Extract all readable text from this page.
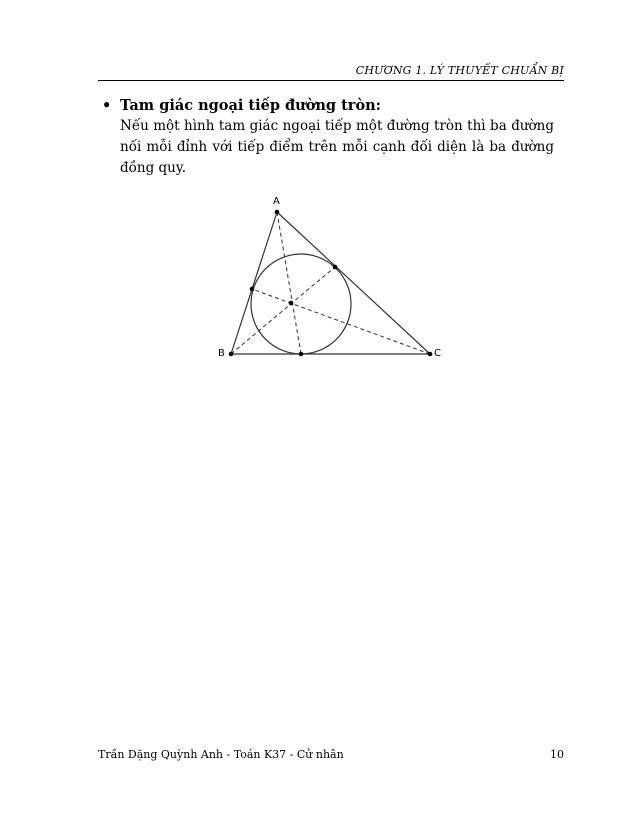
CHƯƠNG 1. LÝ THUYẾT CHUẨN BỊ
• Tam giác ngoại tiếp đường tròn:
Nếu một hình tam giác ngoại tiếp một đường tròn thì ba đường nối mỗi đỉnh với tiếp điểm trên mỗi cạnh đối diện là ba đường đồng quy.
A
B	C
Trần Dặng Quỳnh Anh - Toán K37 - Cử nhân	10
